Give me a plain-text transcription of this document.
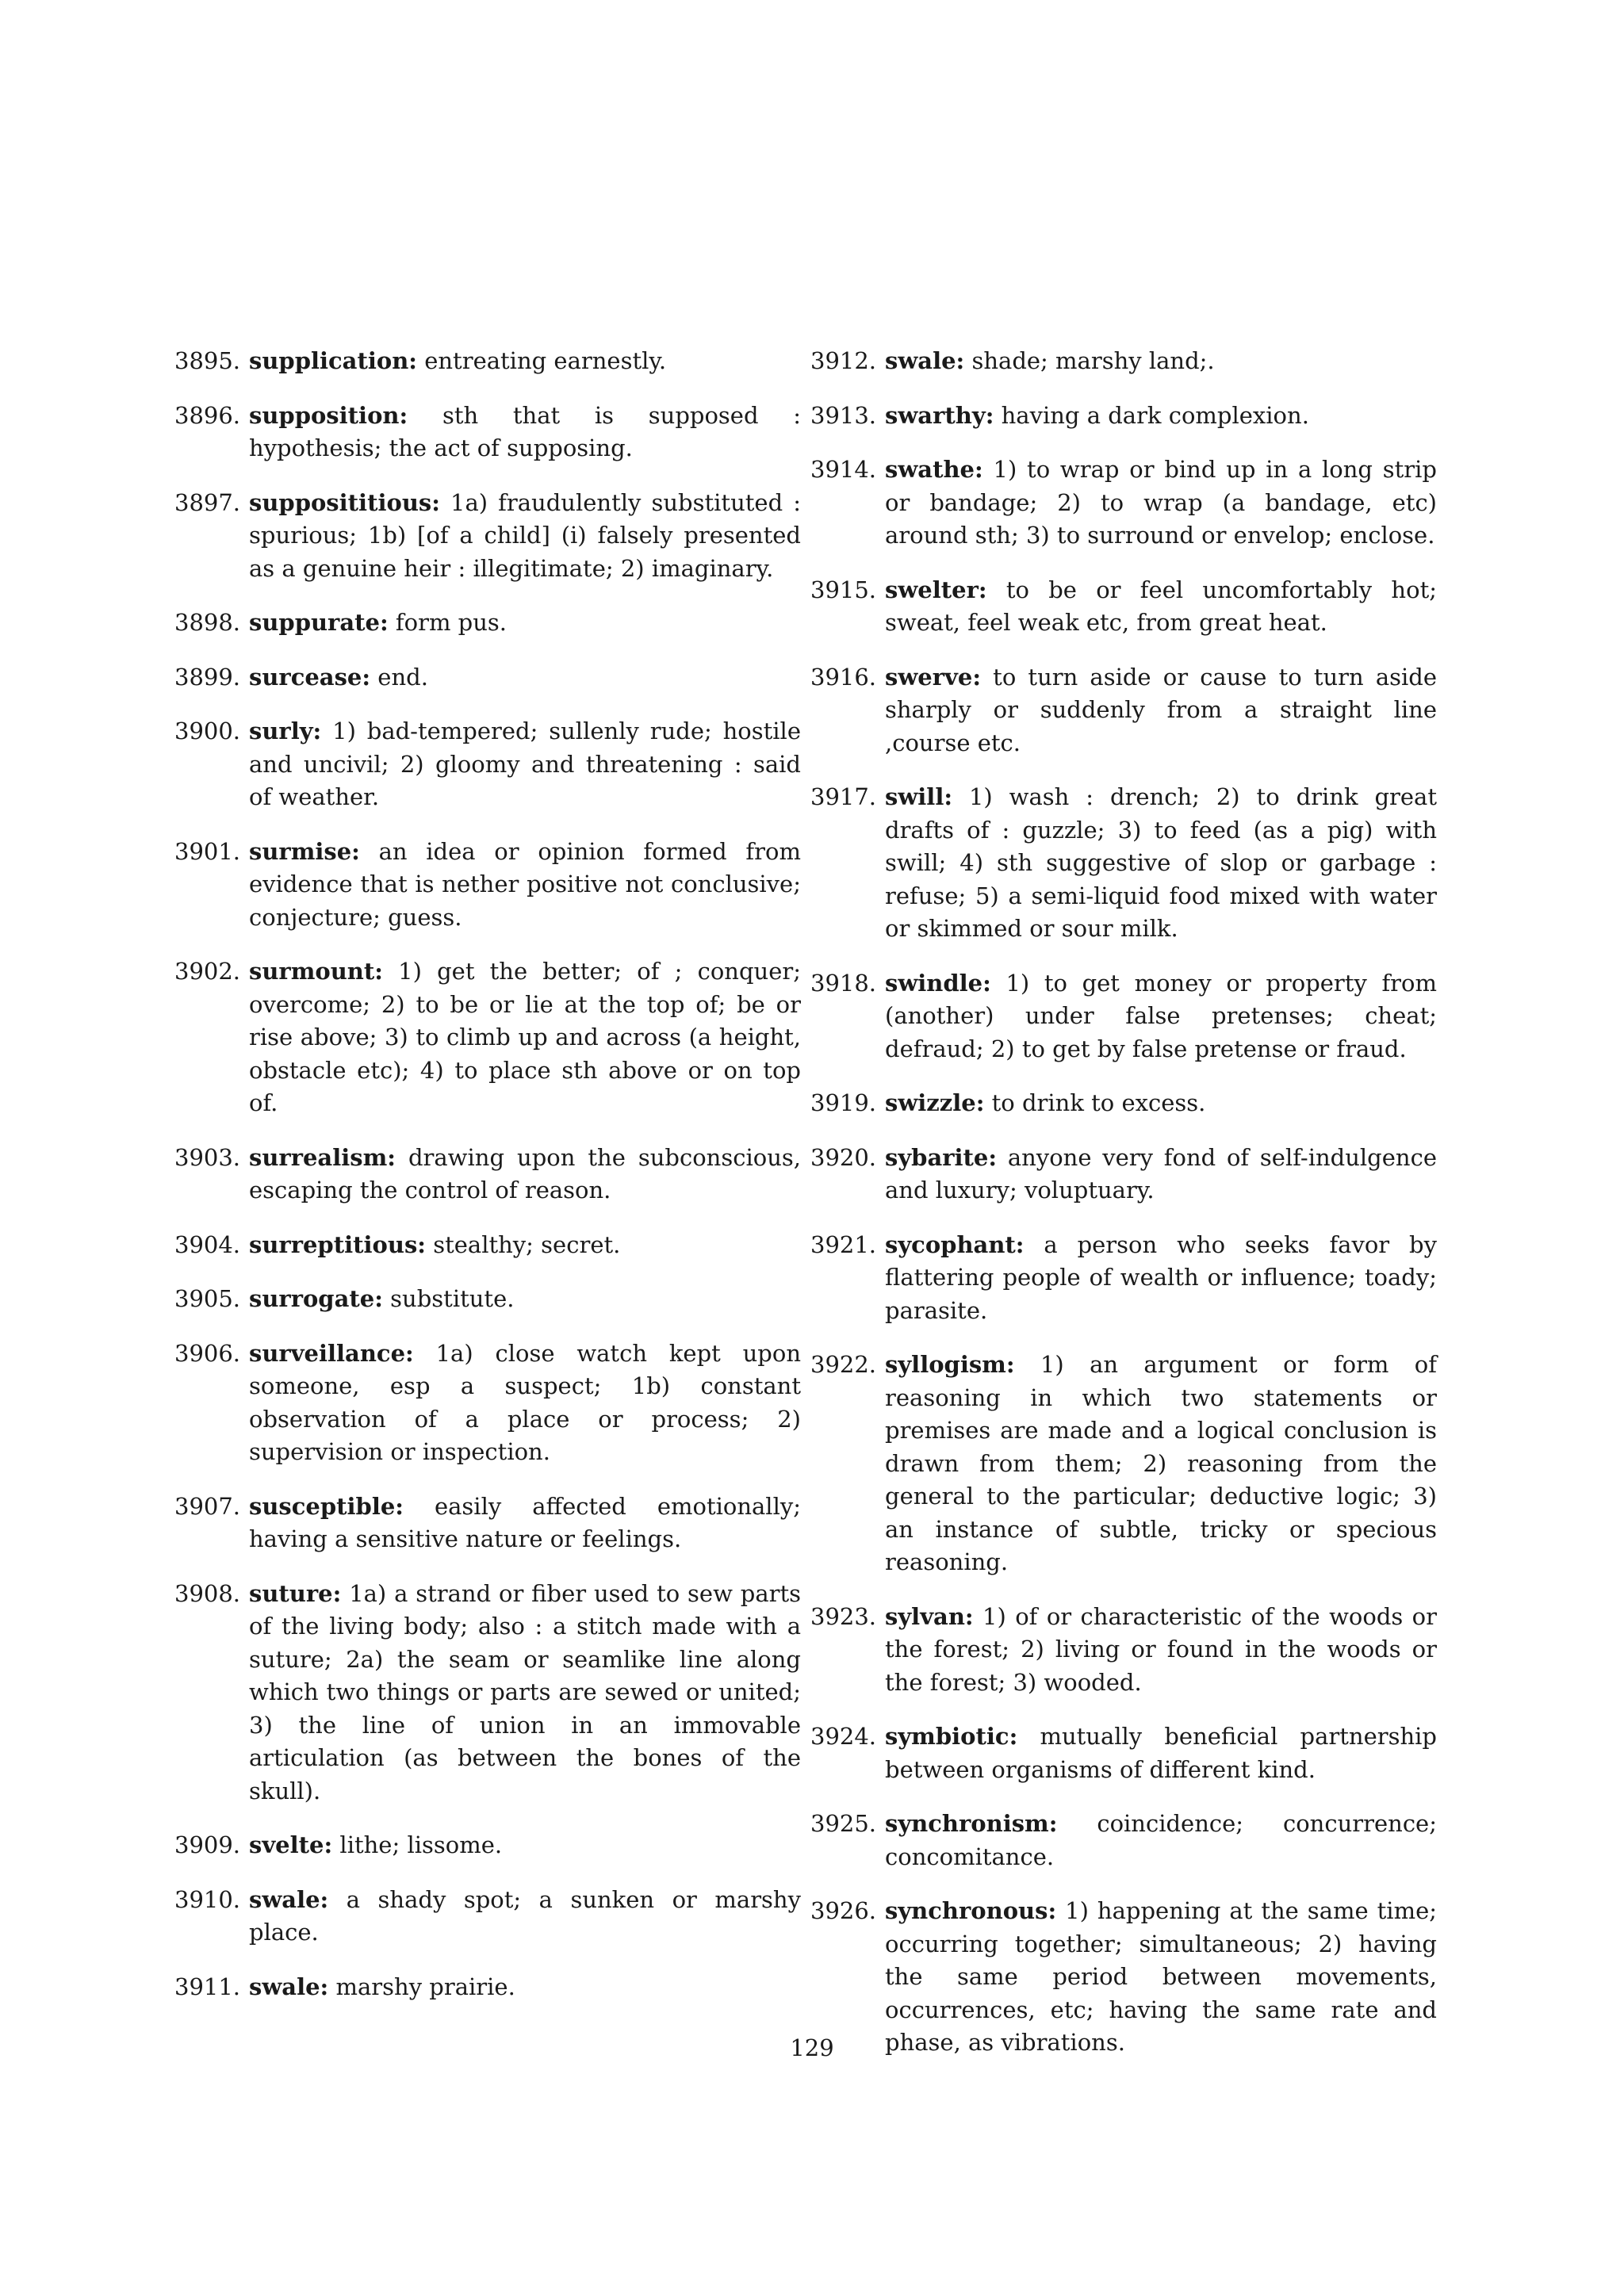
3895. supplication: entreating earnestly.
3896. supposition: sth that is supposed : hypothesis; the act of supposing.
3897. supposititious: 1a) fraudulently substituted : spurious; 1b) [of a child] (i) falsely presented as a genuine heir : illegitimate; 2) imaginary.
3898. suppurate: form pus.
3899. surcease: end.
3900. surly: 1) bad-tempered; sullenly rude; hostile and uncivil; 2) gloomy and threatening : said of weather.
3901. surmise: an idea or opinion formed from evidence that is nether positive not conclusive; conjecture; guess.
3902. surmount: 1) get the better; of ; conquer; overcome; 2) to be or lie at the top of; be or rise above; 3) to climb up and across (a height, obstacle etc); 4) to place sth above or on top of.
3903. surrealism: drawing upon the subconscious, escaping the control of reason.
3904. surreptitious: stealthy; secret.
3905. surrogate: substitute.
3906. surveillance: 1a) close watch kept upon someone, esp a suspect; 1b) constant observation of a place or process; 2) supervision or inspection.
3907. susceptible: easily affected emotionally; having a sensitive nature or feelings.
3908. suture: 1a) a strand or fiber used to sew parts of the living body; also : a stitch made with a suture; 2a) the seam or seamlike line along which two things or parts are sewed or united; 3) the line of union in an immovable articulation (as between the bones of the skull).
3909. svelte: lithe; lissome.
3910. swale: a shady spot; a sunken or marshy place.
3911. swale: marshy prairie.
3912. swale: shade; marshy land;.
3913. swarthy: having a dark complexion.
3914. swathe: 1) to wrap or bind up in a long strip or bandage; 2) to wrap (a bandage, etc) around sth; 3) to surround or envelop; enclose.
3915. swelter: to be or feel uncomfortably hot; sweat, feel weak etc, from great heat.
3916. swerve: to turn aside or cause to turn aside sharply or suddenly from a straight line ,course etc.
3917. swill: 1) wash : drench; 2) to drink great drafts of : guzzle; 3) to feed (as a pig) with swill; 4) sth suggestive of slop or garbage : refuse; 5) a semi-liquid food mixed with water or skimmed or sour milk.
3918. swindle: 1) to get money or property from (another) under false pretenses; cheat; defraud; 2) to get by false pretense or fraud.
3919. swizzle: to drink to excess.
3920. sybarite: anyone very fond of self-indulgence and luxury; voluptuary.
3921. sycophant: a person who seeks favor by flattering people of wealth or influence; toady; parasite.
3922. syllogism: 1) an argument or form of reasoning in which two statements or premises are made and a logical conclusion is drawn from them; 2) reasoning from the general to the particular; deductive logic; 3) an instance of subtle, tricky or specious reasoning.
3923. sylvan: 1) of or characteristic of the woods or the forest; 2) living or found in the woods or the forest; 3) wooded.
3924. symbiotic: mutually beneficial partnership between organisms of different kind.
3925. synchronism: coincidence; concurrence; concomitance.
3926. synchronous: 1) happening at the same time; occurring together; simultaneous; 2) having the same period between movements, occurrences, etc; having the same rate and phase, as vibrations.
129
